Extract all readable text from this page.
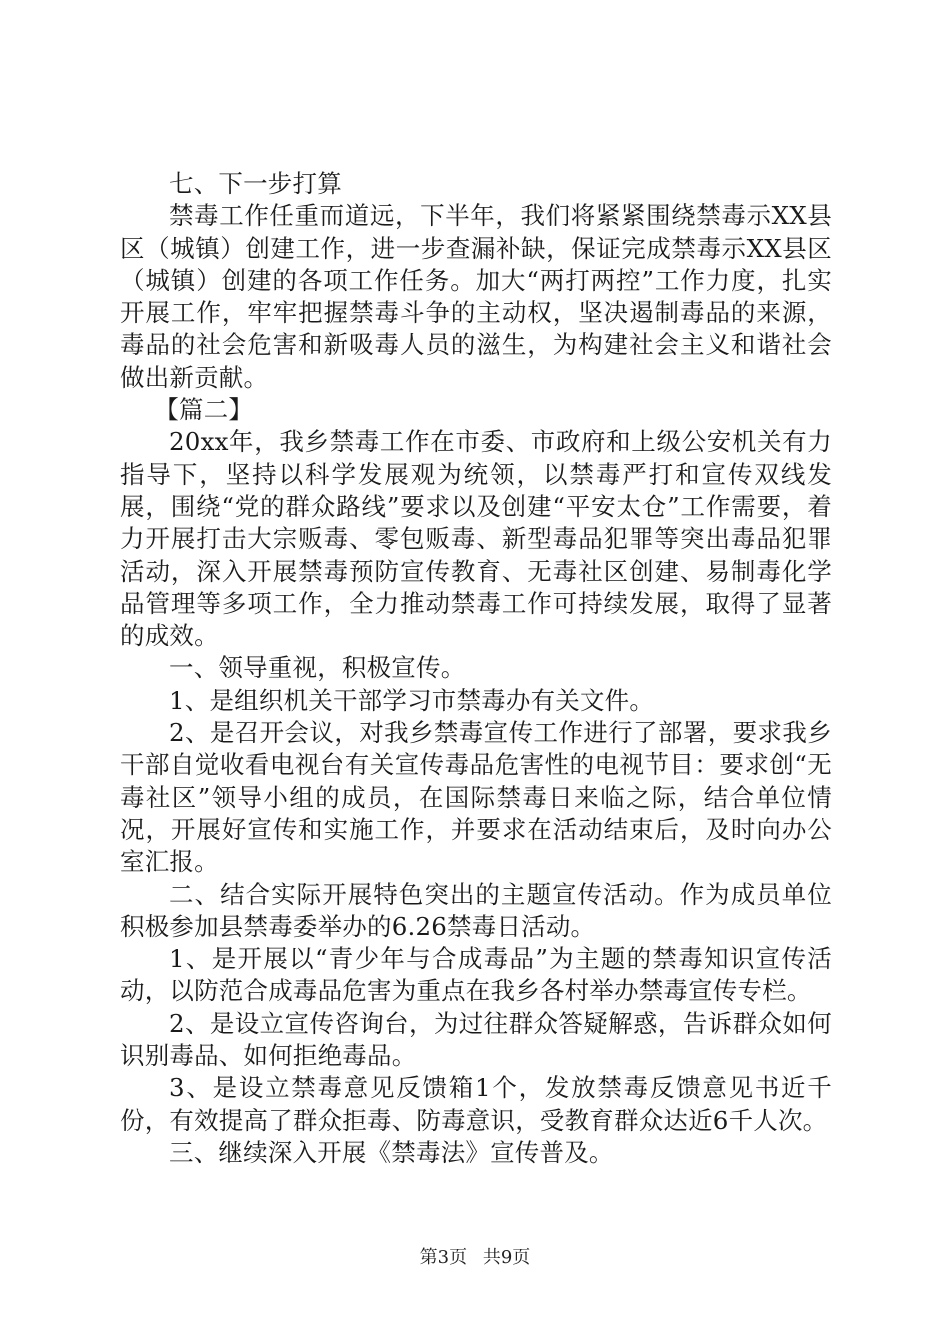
七、下一步打算

禁毒工作任重而道远，下半年，我们将紧紧围绕禁毒示XX县区（城镇）创建工作，进一步查漏补缺，保证完成禁毒示XX县区（城镇）创建的各项工作任务。加大“两打两控”工作力度，扎实开展工作，牢牢把握禁毒斗争的主动权，坚决遏制毒品的来源，毒品的社会危害和新吸毒人员的滋生，为构建社会主义和谐社会做出新贡献。

【篇二】

20xx年，我乡禁毒工作在市委、市政府和上级公安机关有力指导下，坚持以科学发展观为统领，以禁毒严打和宣传双线发展，围绕“党的群众路线”要求以及创建“平安太仓”工作需要，着力开展打击大宗贩毒、零包贩毒、新型毒品犯罪等突出毒品犯罪活动，深入开展禁毒预防宣传教育、无毒社区创建、易制毒化学品管理等多项工作，全力推动禁毒工作可持续发展，取得了显著的成效。

一、领导重视，积极宣传。

1、是组织机关干部学习市禁毒办有关文件。

2、是召开会议，对我乡禁毒宣传工作进行了部署，要求我乡干部自觉收看电视台有关宣传毒品危害性的电视节目：要求创“无毒社区”领导小组的成员，在国际禁毒日来临之际，结合单位情况，开展好宣传和实施工作，并要求在活动结束后，及时向办公室汇报。

二、结合实际开展特色突出的主题宣传活动。作为成员单位积极参加县禁毒委举办的6.26禁毒日活动。

1、是开展以“青少年与合成毒品”为主题的禁毒知识宣传活动，以防范合成毒品危害为重点在我乡各村举办禁毒宣传专栏。

2、是设立宣传咨询台，为过往群众答疑解惑，告诉群众如何识别毒品、如何拒绝毒品。

3、是设立禁毒意见反馈箱1个，发放禁毒反馈意见书近千份，有效提高了群众拒毒、防毒意识，受教育群众达近6千人次。

三、继续深入开展《禁毒法》宣传普及。

第3页 共9页
